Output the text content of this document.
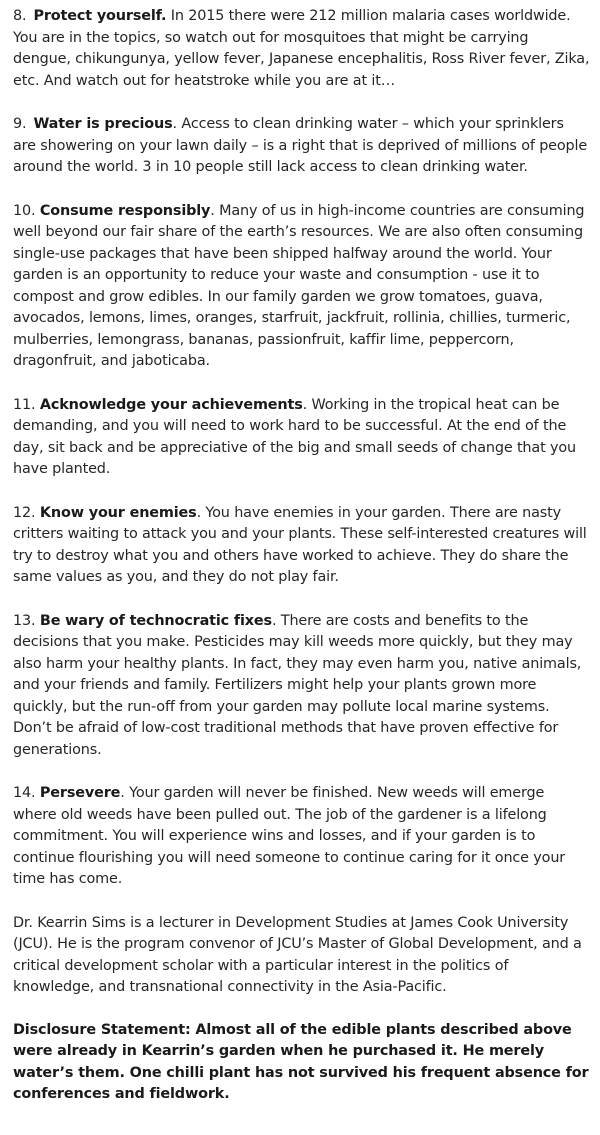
8. Protect yourself. In 2015 there were 212 million malaria cases worldwide. You are in the topics, so watch out for mosquitoes that might be carrying dengue, chikungunya, yellow fever, Japanese encephalitis, Ross River fever, Zika, etc. And watch out for heatstroke while you are at it…

9. Water is precious. Access to clean drinking water – which your sprinklers are showering on your lawn daily – is a right that is deprived of millions of people around the world. 3 in 10 people still lack access to clean drinking water.

10. Consume responsibly. Many of us in high-income countries are consuming well beyond our fair share of the earth’s resources. We are also often consuming single-use packages that have been shipped halfway around the world. Your garden is an opportunity to reduce your waste and consumption - use it to compost and grow edibles. In our family garden we grow tomatoes, guava, avocados, lemons, limes, oranges, starfruit, jackfruit, rollinia, chillies, turmeric, mulberries, lemongrass, bananas, passionfruit, kaffir lime, peppercorn, dragonfruit, and jaboticaba.

11. Acknowledge your achievements. Working in the tropical heat can be demanding, and you will need to work hard to be successful. At the end of the day, sit back and be appreciative of the big and small seeds of change that you have planted.

12. Know your enemies. You have enemies in your garden. There are nasty critters waiting to attack you and your plants. These self-interested creatures will try to destroy what you and others have worked to achieve. They do share the same values as you, and they do not play fair.

13. Be wary of technocratic fixes. There are costs and benefits to the decisions that you make. Pesticides may kill weeds more quickly, but they may also harm your healthy plants. In fact, they may even harm you, native animals, and your friends and family. Fertilizers might help your plants grown more quickly, but the run-off from your garden may pollute local marine systems. Don’t be afraid of low-cost traditional methods that have proven effective for generations.

14. Persevere. Your garden will never be finished. New weeds will emerge where old weeds have been pulled out. The job of the gardener is a lifelong commitment. You will experience wins and losses, and if your garden is to continue flourishing you will need someone to continue caring for it once your time has come.

Dr. Kearrin Sims is a lecturer in Development Studies at James Cook University (JCU). He is the program convenor of JCU’s Master of Global Development, and a critical development scholar with a particular interest in the politics of knowledge, and transnational connectivity in the Asia-Pacific.

Disclosure Statement: Almost all of the edible plants described above were already in Kearrin’s garden when he purchased it. He merely water’s them. One chilli plant has not survived his frequent absence for conferences and fieldwork.
